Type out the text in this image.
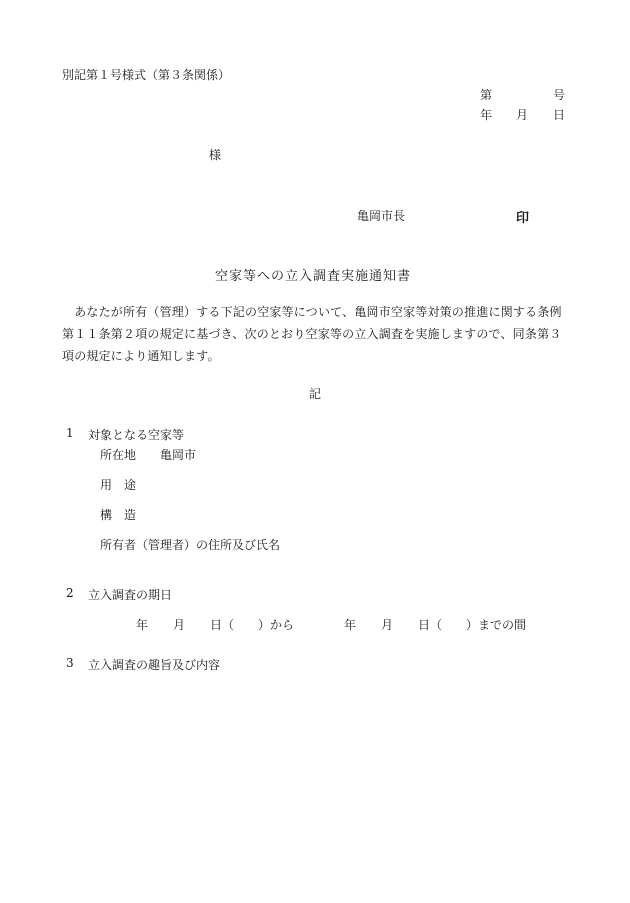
別記第１号様式（第３条関係）
第	号
年 月 日
様
亀岡市長	印
空家等への立入調査実施通知書
　あなたが所有（管理）する下記の空家等について、亀岡市空家等対策の推進に関する条例
第１１条第２項の規定に基づき、次のとおり空家等の立入調査を実施しますので、同条第３
項の規定により通知します。
記
1 対象となる空家等
所在地 亀岡市
用　途
構　造
所有者（管理者）の住所及び氏名
2 立入調査の期日
年 月 日（　　）から	年 月 日（　　）までの間
3 立入調査の趣旨及び内容
